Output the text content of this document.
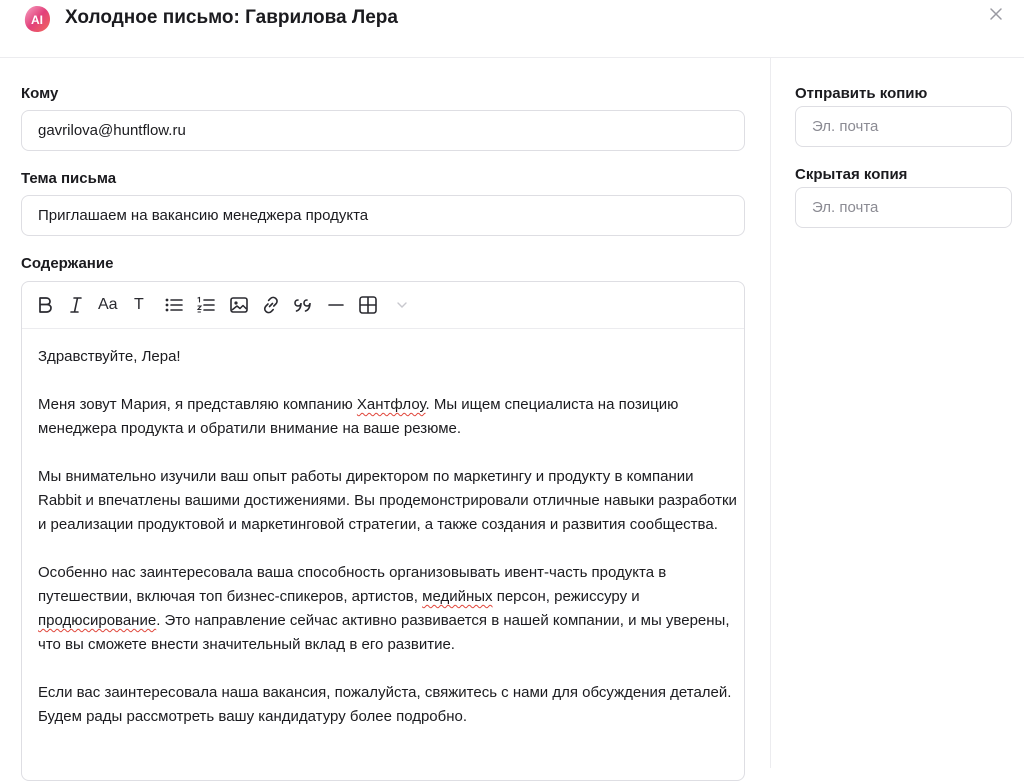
AI Холодное письмо: Гаврилова Лера
Кому
gavrilova@huntflow.ru
Тема письма
Приглашаем на вакансию менеджера продукта
Содержание
Aa T

Здравствуйте, Лера!

Меня зовут Мария, я представляю компанию Хантфлоу. Мы ищем специалиста на позицию менеджера продукта и обратили внимание на ваше резюме.

Мы внимательно изучили ваш опыт работы директором по маркетингу и продукту в компании Rabbit и впечатлены вашими достижениями. Вы продемонстрировали отличные навыки разработки и реализации продуктовой и маркетинговой стратегии, а также создания и развития сообщества.

Особенно нас заинтересовала ваша способность организовывать ивент-часть продукта в путешествии, включая топ бизнес-спикеров, артистов, медийных персон, режиссуру и продюсирование. Это направление сейчас активно развивается в нашей компании, и мы уверены, что вы сможете внести значительный вклад в его развитие.

Если вас заинтересовала наша вакансия, пожалуйста, свяжитесь с нами для обсуждения деталей. Будем рады рассмотреть вашу кандидатуру более подробно.

Отправить копию
Эл. почта
Скрытая копия
Эл. почта
